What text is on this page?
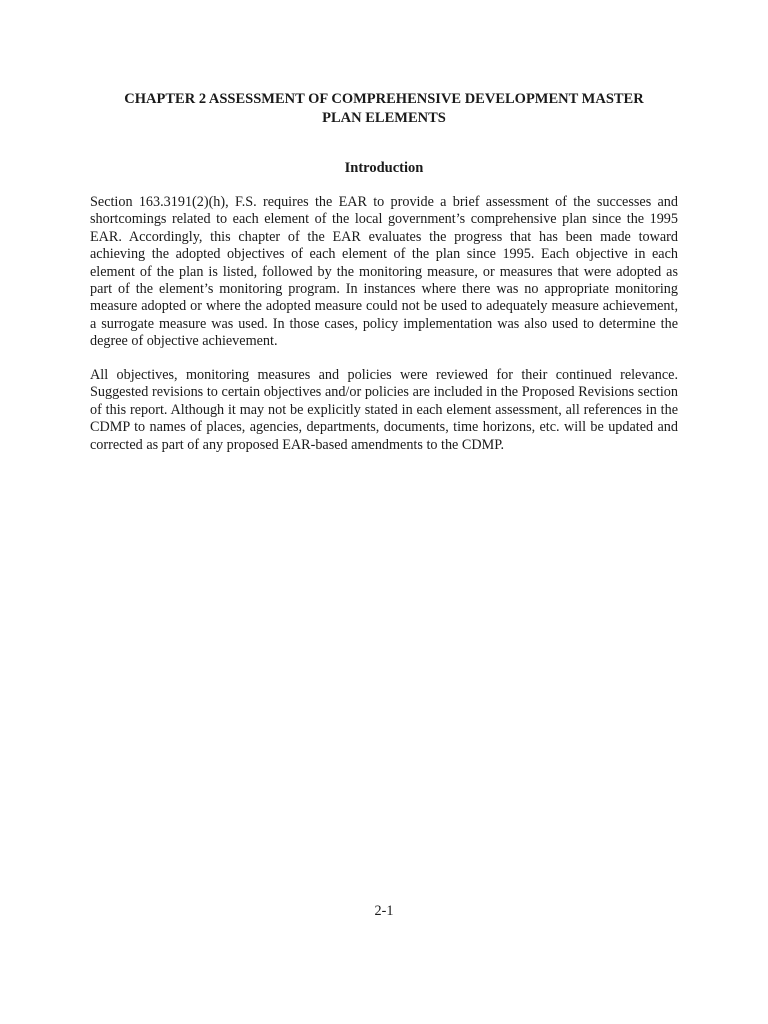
CHAPTER 2 ASSESSMENT OF COMPREHENSIVE DEVELOPMENT MASTER
PLAN ELEMENTS
Introduction

Section 163.3191(2)(h), F.S. requires the EAR to provide a brief assessment of the successes and shortcomings related to each element of the local government’s comprehensive plan since the 1995 EAR. Accordingly, this chapter of the EAR evaluates the progress that has been made toward achieving the adopted objectives of each element of the plan since 1995. Each objective in each element of the plan is listed, followed by the monitoring measure, or measures that were adopted as part of the element’s monitoring program. In instances where there was no appropriate monitoring measure adopted or where the adopted measure could not be used to adequately measure achievement, a surrogate measure was used. In those cases, policy implementation was also used to determine the degree of objective achievement.

All objectives, monitoring measures and policies were reviewed for their continued relevance. Suggested revisions to certain objectives and/or policies are included in the Proposed Revisions section of this report. Although it may not be explicitly stated in each element assessment, all references in the CDMP to names of places, agencies, departments, documents, time horizons, etc. will be updated and corrected as part of any proposed EAR-based amendments to the CDMP.

2-1
